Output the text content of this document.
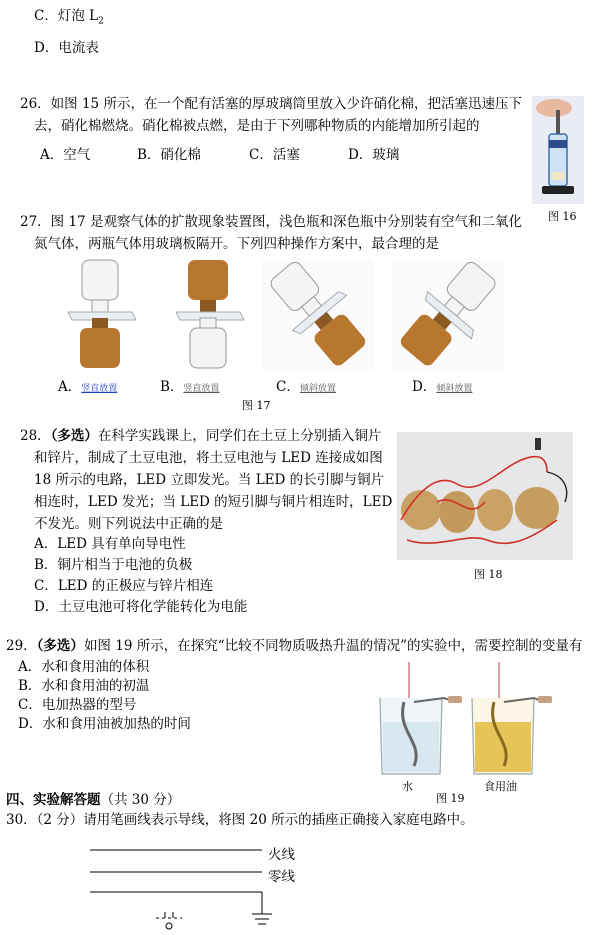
C．灯泡 $L_2$
D．电流表
26．如图 15 所示，在一个配有活塞的厚玻璃筒里放入少许硝化棉，把活塞迅速压下
去，硝化棉燃烧。硝化棉被点燃，是由于下列哪种物质的内能增加所引起的
A．空气	B．硝化棉	C．活塞	D．玻璃
图 16
27．图 17 是观察气体的扩散现象装置图，浅色瓶和深色瓶中分别装有空气和二氧化
氮气体，两瓶气体用玻璃板隔开。下列四种操作方案中，最合理的是
A．竖直放置	B．竖直放置	C．倾斜放置	D．倾斜放置
图 17
28．（多选）在科学实践课上，同学们在土豆上分别插入铜片
和锌片，制成了土豆电池，将土豆电池与 LED 连接成如图
18 所示的电路，LED 立即发光。当 LED 的长引脚与铜片
相连时，LED 发光；当 LED 的短引脚与铜片相连时，LED
不发光。则下列说法中正确的是
A．LED 具有单向导电性
B．铜片相当于电池的负极
C．LED 的正极应与锌片相连
D．土豆电池可将化学能转化为电能
图 18
29．（多选）如图 19 所示，在探究“比较不同物质吸热升温的情况”的实验中，需要控制的变量有
A．水和食用油的体积
B．水和食用油的初温
C．电加热器的型号
D．水和食用油被加热的时间
水	食用油
图 19
四、实验解答题（共 30 分）
30．（2 分）请用笔画线表示导线，将图 20 所示的插座正确接入家庭电路中。
火线
零线
